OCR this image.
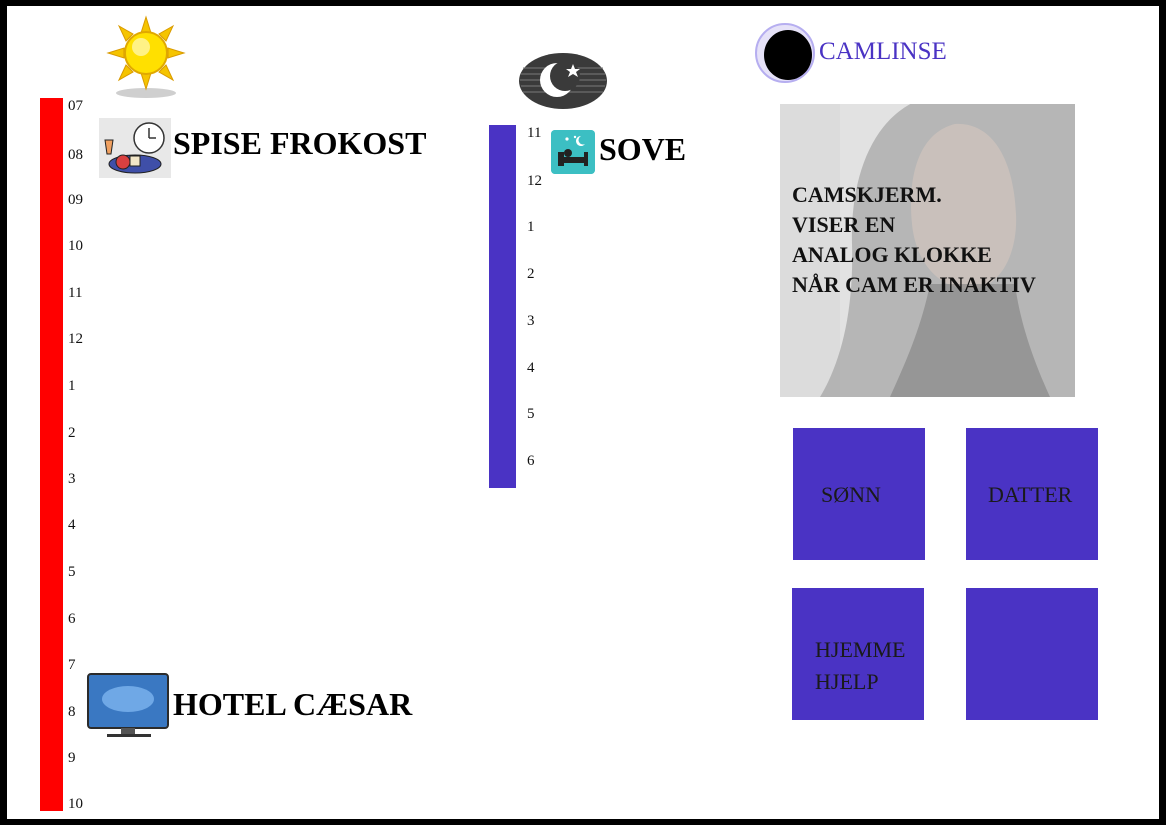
07
08
09
10
11
12
1
2
3
4
5
6
7
8
9
10
SPISE FROKOST
HOTEL CÆSAR
11
12
1
2
3
4
5
6
SOVE
CAMLINSE
CAMSKJERM.
VISER EN
ANALOG KLOKKE
NÅR CAM ER INAKTIV
SØNN	DATTER
HJEMME
HJELP
